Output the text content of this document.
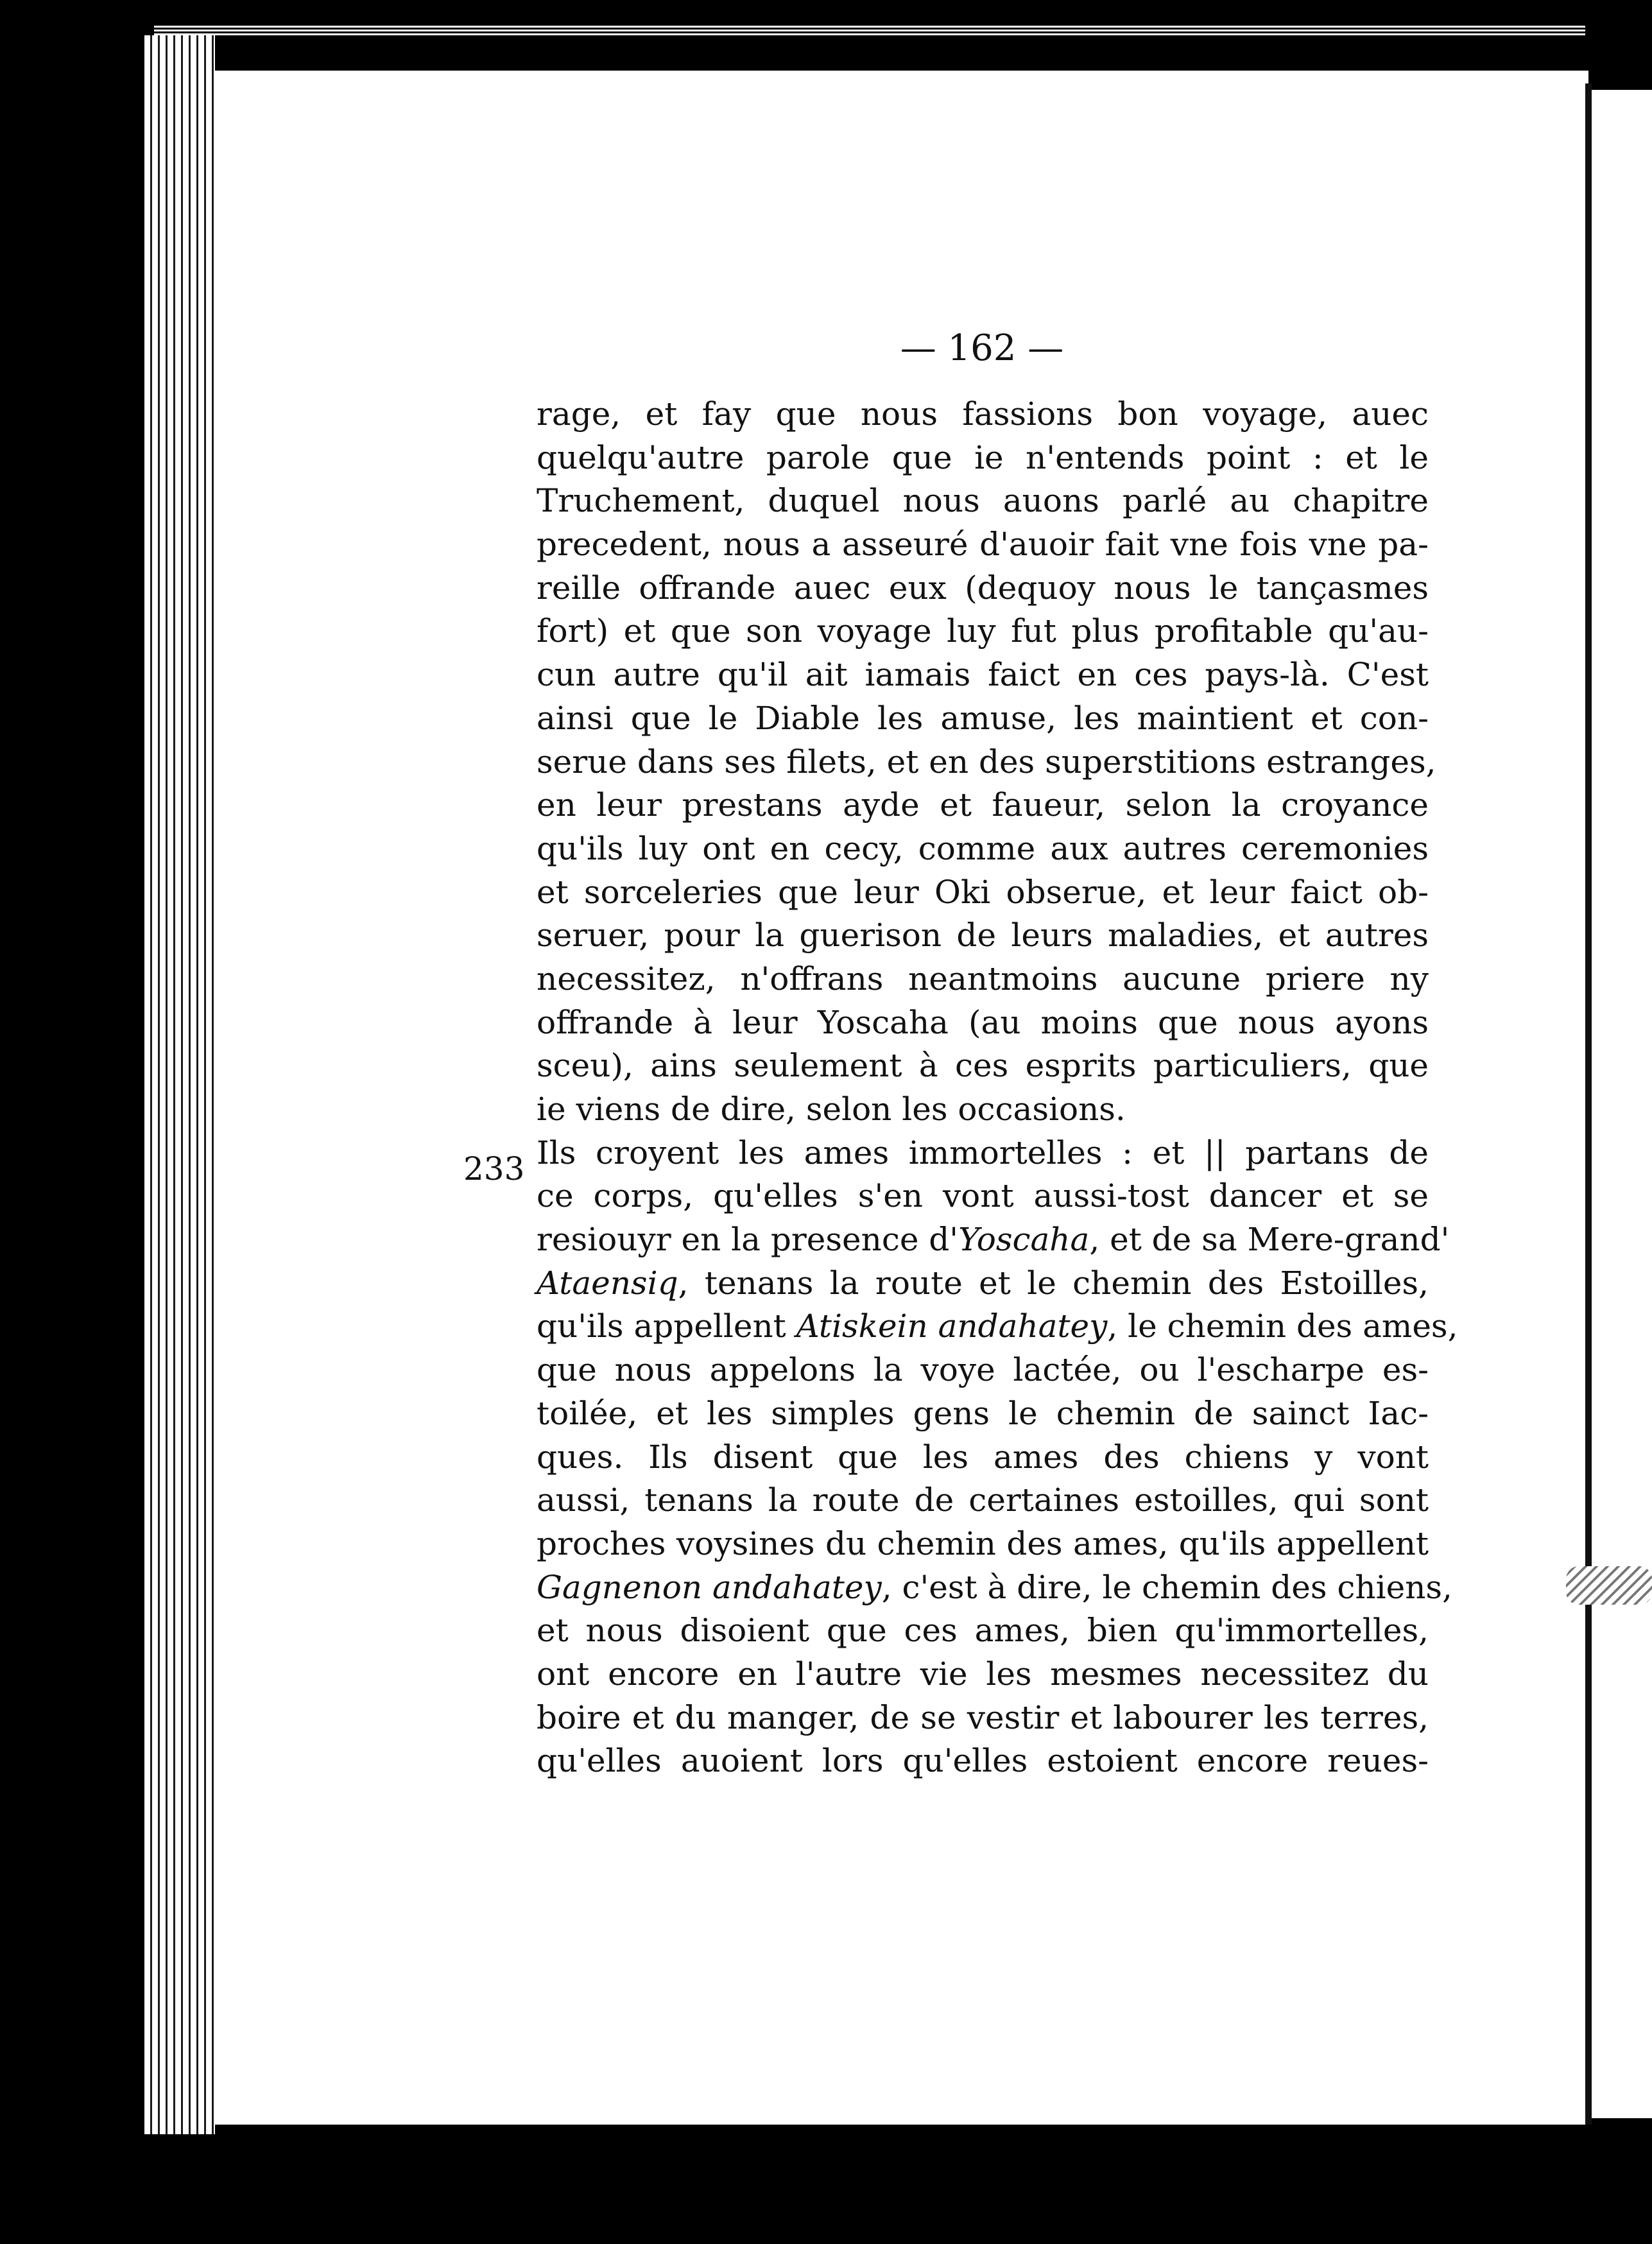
— 162 —
233
rage, et fay que nous fassions bon voyage, auec
quelqu'autre parole que ie n'entends point : et le
Truchement, duquel nous auons parlé au chapitre
precedent, nous a asseuré d'auoir fait vne fois vne pa-
reille offrande auec eux (dequoy nous le tançasmes
fort) et que son voyage luy fut plus profitable qu'au-
cun autre qu'il ait iamais faict en ces pays-là. C'est
ainsi que le Diable les amuse, les maintient et con-
serue dans ses filets, et en des superstitions estranges,
en leur prestans ayde et faueur, selon la croyance
qu'ils luy ont en cecy, comme aux autres ceremonies
et sorceleries que leur Oki obserue, et leur faict ob-
seruer, pour la guerison de leurs maladies, et autres
necessitez, n'offrans neantmoins aucune priere ny
offrande à leur Yoscaha (au moins que nous ayons
sceu), ains seulement à ces esprits particuliers, que
ie viens de dire, selon les occasions.
Ils croyent les ames immortelles : et || partans de
ce corps, qu'elles s'en vont aussi-tost dancer et se
resiouyr en la presence d'Yoscaha, et de sa Mere-grand'
Ataensiq, tenans la route et le chemin des Estoilles,
qu'ils appellent Atiskein andahatey, le chemin des ames,
que nous appelons la voye lactée, ou l'escharpe es-
toilée, et les simples gens le chemin de sainct Iac-
ques. Ils disent que les ames des chiens y vont
aussi, tenans la route de certaines estoilles, qui sont
proches voysines du chemin des ames, qu'ils appellent
Gagnenon andahatey, c'est à dire, le chemin des chiens,
et nous disoient que ces ames, bien qu'immortelles,
ont encore en l'autre vie les mesmes necessitez du
boire et du manger, de se vestir et labourer les terres,
qu'elles auoient lors qu'elles estoient encore reues-
